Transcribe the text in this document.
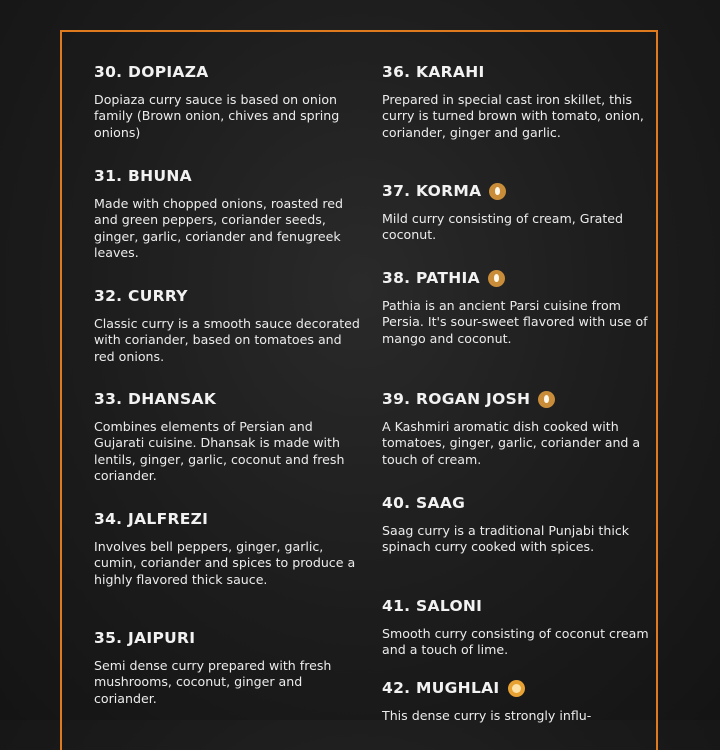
30. DOPIAZA

Dopiaza curry sauce is based on onion family (Brown onion, chives and spring onions)

31. BHUNA

Made with chopped onions, roasted red and green peppers, coriander seeds, ginger, garlic, coriander and fenugreek leaves.

32. CURRY

Classic curry is a smooth sauce decorated with coriander, based on tomatoes and red onions.

33. DHANSAK

Combines elements of Persian and Gujarati cuisine. Dhansak is made with lentils, ginger, garlic, coconut and fresh coriander.

34. JALFREZI

Involves bell peppers, ginger, garlic, cumin, coriander and spices to produce a highly flavored thick sauce.

35. JAIPURI

Semi dense curry prepared with fresh mushrooms, coconut, ginger and coriander.

36. KARAHI

Prepared in special cast iron skillet, this curry is turned brown with tomato, onion, coriander, ginger and garlic.

37. KORMA

Mild curry consisting of cream, Grated coconut.

38. PATHIA

Pathia is an ancient Parsi cuisine from Persia. It's sour-sweet flavored with use of mango and coconut.

39. ROGAN JOSH

A Kashmiri aromatic dish cooked with tomatoes, ginger, garlic, coriander and a touch of cream.

40. SAAG

Saag curry is a traditional Punjabi thick spinach curry cooked with spices.

41. SALONI

Smooth curry consisting of coconut cream and a touch of lime.

42. MUGHLAI

This dense curry is strongly influ-
